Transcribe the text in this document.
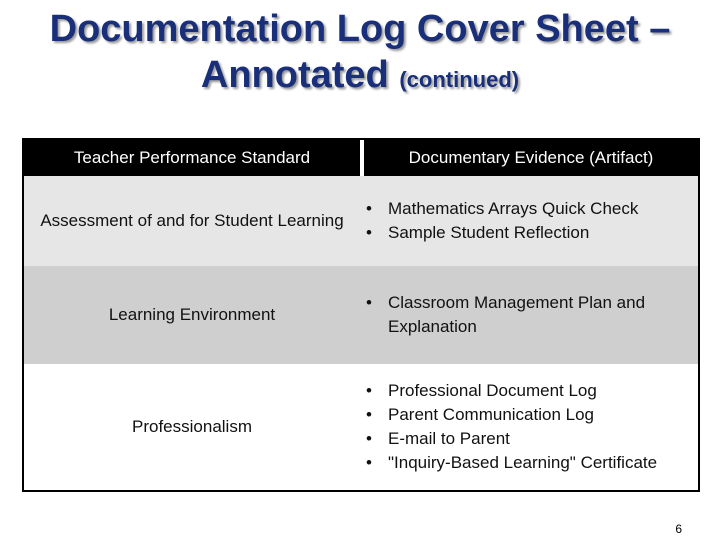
Documentation Log Cover Sheet –
Annotated (continued)
Teacher Performance Standard	Documentary Evidence (Artifact)
Assessment of and for Student Learning
• Mathematics Arrays Quick Check
• Sample Student Reflection
Learning Environment
• Classroom Management Plan and Explanation
Professionalism
• Professional Document Log
• Parent Communication Log
• E-mail to Parent
• "Inquiry-Based Learning" Certificate
6
